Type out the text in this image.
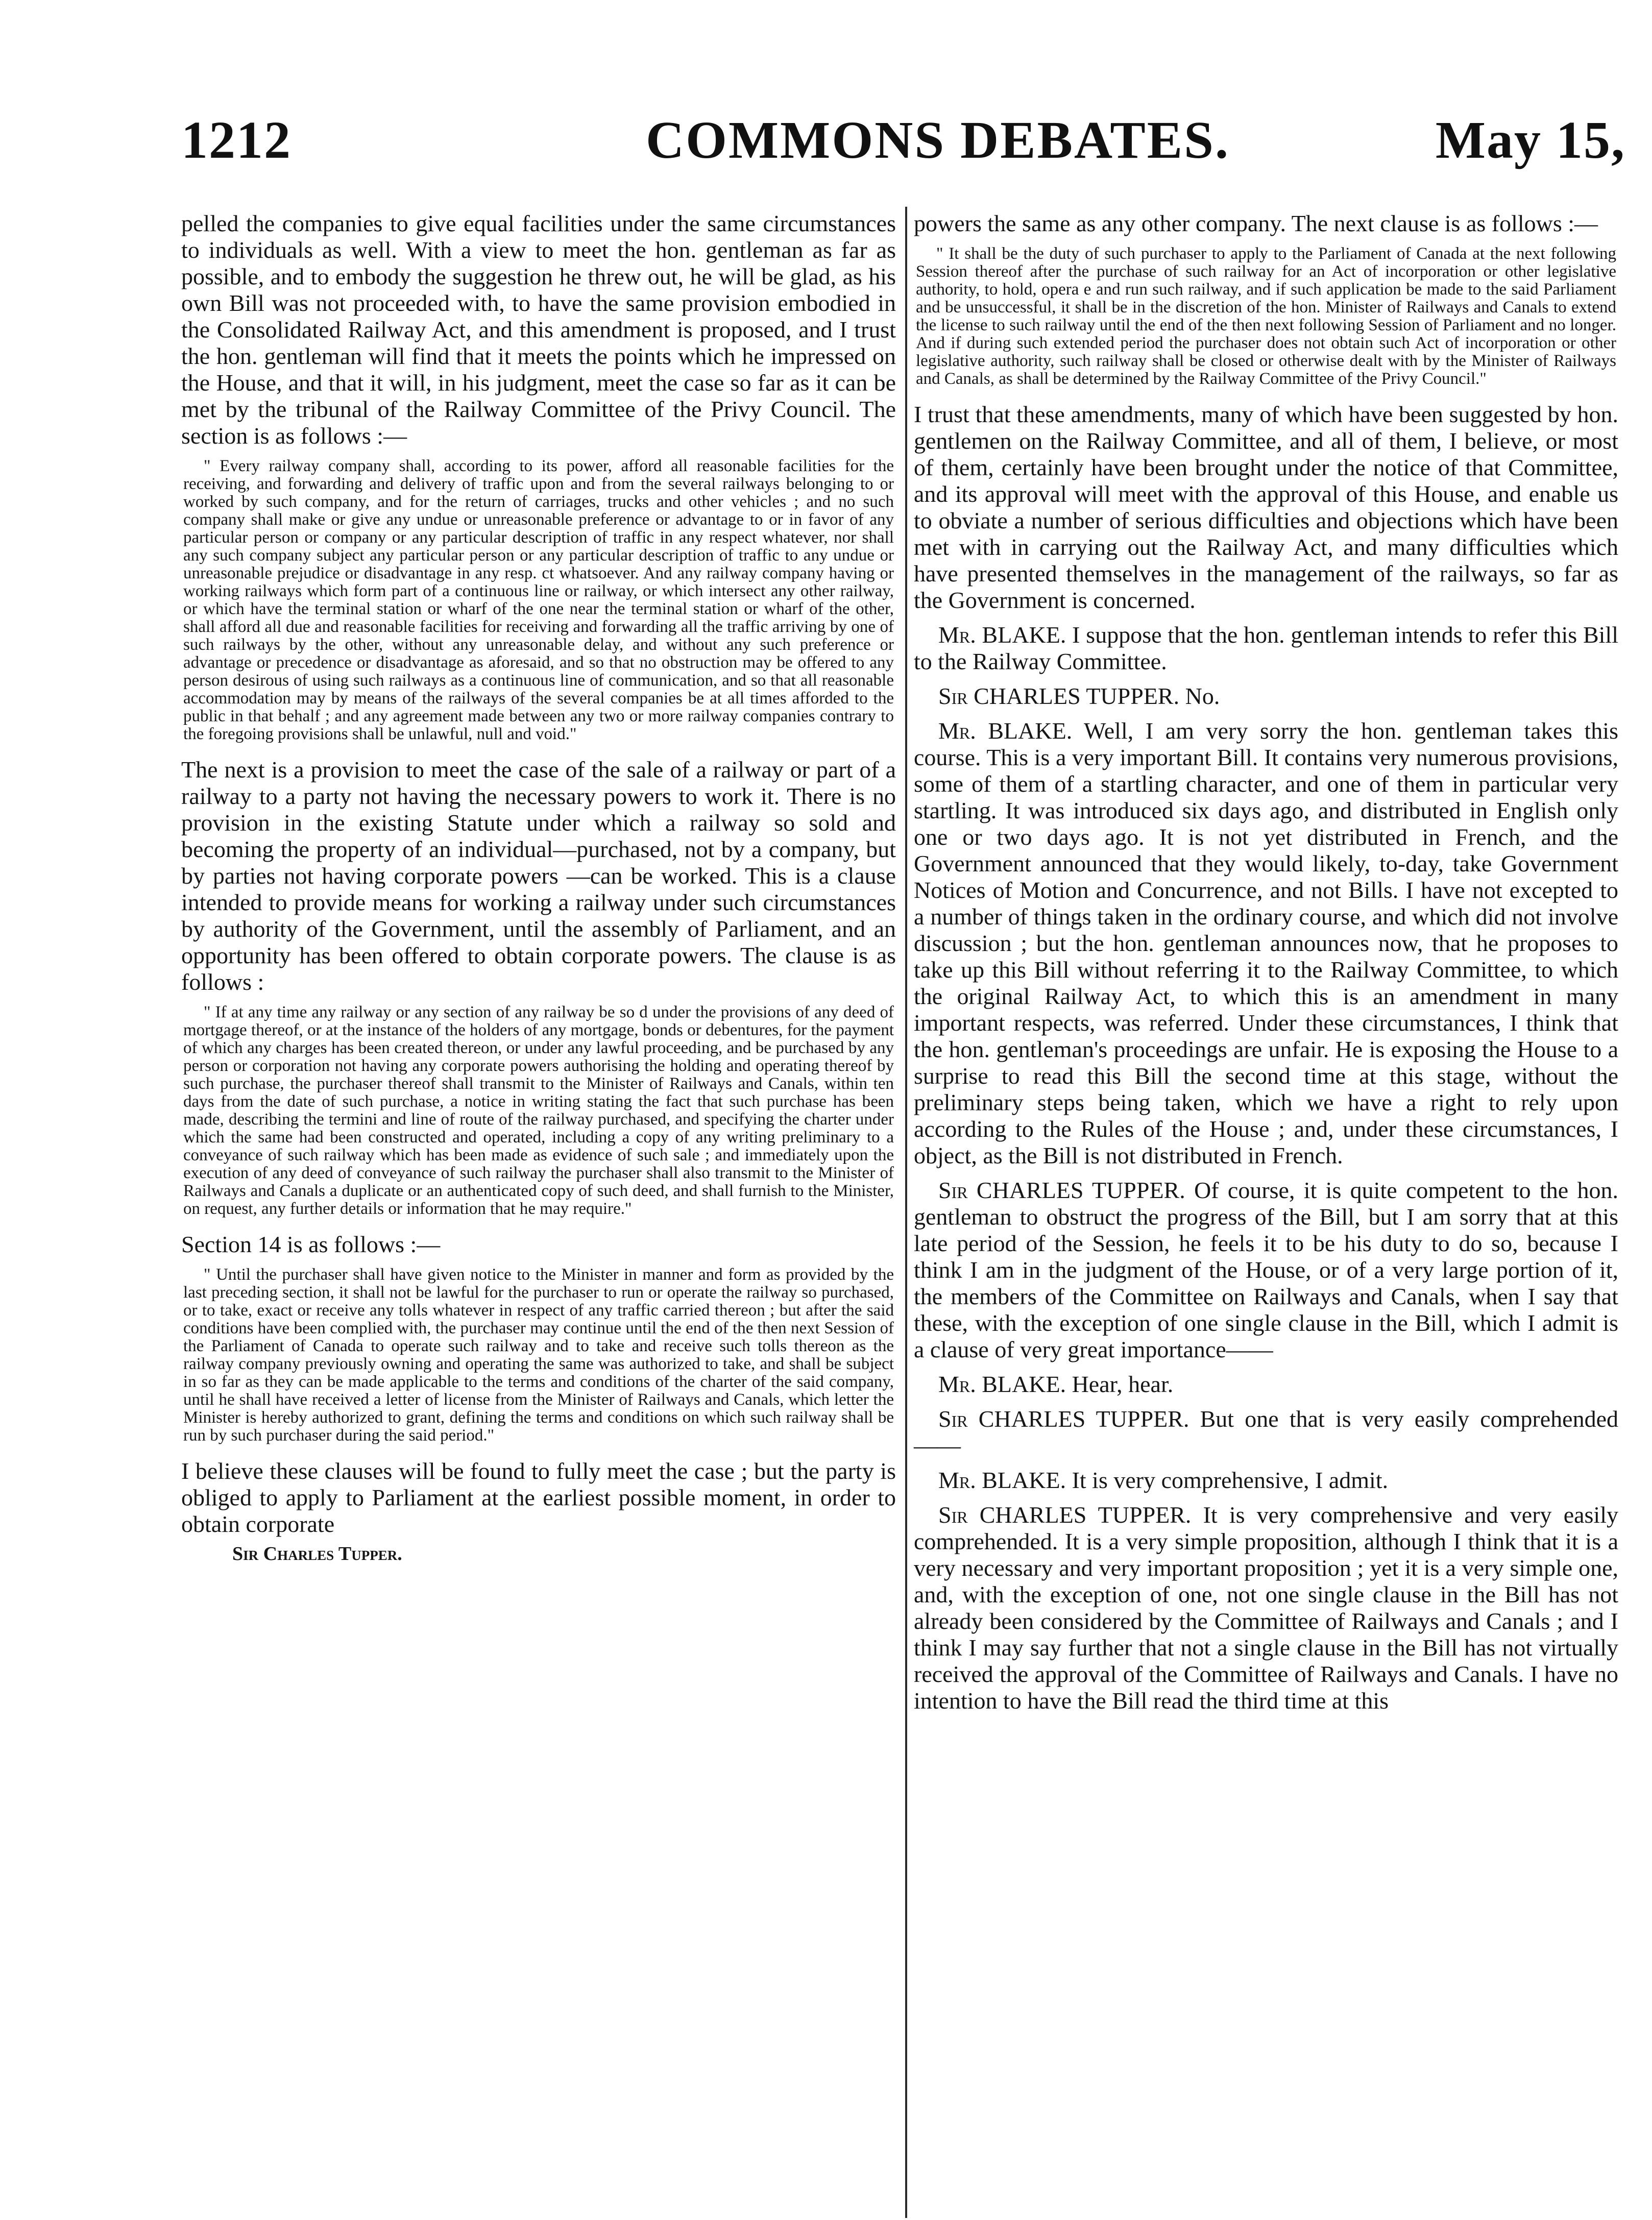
1212	COMMONS DEBATES.	May 15,

pelled the companies to give equal facilities under the same circumstances to individuals as well. With a view to meet the hon. gentleman as far as possible, and to embody the suggestion he threw out, he will be glad, as his own Bill was not proceeded with, to have the same provision embodied in the Consolidated Railway Act, and this amendment is proposed, and I trust the hon. gentleman will find that it meets the points which he impressed on the House, and that it will, in his judgment, meet the case so far as it can be met by the tribunal of the Railway Committee of the Privy Council. The section is as follows :—

" Every railway company shall, according to its power, afford all reasonable facilities for the receiving, and forwarding and delivery of traffic upon and from the several railways belonging to or worked by such company, and for the return of carriages, trucks and other vehicles ; and no such company shall make or give any undue or unreasonable preference or advantage to or in favor of any particular person or company or any particular description of traffic in any respect whatever, nor shall any such company subject any particular person or any particular description of traffic to any undue or unreasonable prejudice or disadvantage in any resp. ct whatsoever. And any railway company having or working railways which form part of a continuous line or railway, or which intersect any other railway, or which have the terminal station or wharf of the one near the terminal station or wharf of the other, shall afford all due and reasonable facilities for receiving and forwarding all the traffic arriving by one of such railways by the other, without any unreasonable delay, and without any such preference or advantage or precedence or disadvantage as aforesaid, and so that no obstruction may be offered to any person desirous of using such railways as a continuous line of communication, and so that all reasonable accommodation may by means of the railways of the several companies be at all times afforded to the public in that behalf ; and any agreement made between any two or more railway companies contrary to the foregoing provisions shall be unlawful, null and void."

The next is a provision to meet the case of the sale of a railway or part of a railway to a party not having the necessary powers to work it. There is no provision in the existing Statute under which a railway so sold and becoming the property of an individual—purchased, not by a company, but by parties not having corporate powers —can be worked. This is a clause intended to provide means for working a railway under such circumstances by authority of the Government, until the assembly of Parliament, and an opportunity has been offered to obtain corporate powers. The clause is as follows :

" If at any time any railway or any section of any railway be so d under the provisions of any deed of mortgage thereof, or at the instance of the holders of any mortgage, bonds or debentures, for the payment of which any charges has been created thereon, or under any lawful proceeding, and be purchased by any person or corporation not having any corporate powers authorising the holding and operating thereof by such purchase, the purchaser thereof shall transmit to the Minister of Railways and Canals, within ten days from the date of such purchase, a notice in writing stating the fact that such purchase has been made, describing the termini and line of route of the railway purchased, and specifying the charter under which the same had been constructed and operated, including a copy of any writing preliminary to a conveyance of such railway which has been made as evidence of such sale ; and immediately upon the execution of any deed of conveyance of such railway the purchaser shall also transmit to the Minister of Railways and Canals a duplicate or an authenticated copy of such deed, and shall furnish to the Minister, on request, any further details or information that he may require."

Section 14 is as follows :—

" Until the purchaser shall have given notice to the Minister in manner and form as provided by the last preceding section, it shall not be lawful for the purchaser to run or operate the railway so purchased, or to take, exact or receive any tolls whatever in respect of any traffic carried thereon ; but after the said conditions have been complied with, the purchaser may continue until the end of the then next Session of the Parliament of Canada to operate such railway and to take and receive such tolls thereon as the railway company previously owning and operating the same was authorized to take, and shall be subject in so far as they can be made applicable to the terms and conditions of the charter of the said company, until he shall have received a letter of license from the Minister of Railways and Canals, which letter the Minister is hereby authorized to grant, defining the terms and conditions on which such railway shall be run by such purchaser during the said period."

I believe these clauses will be found to fully meet the case ; but the party is obliged to apply to Parliament at the earliest possible moment, in order to obtain corporate

Sir Charles Tupper.

powers the same as any other company. The next clause is as follows :—

" It shall be the duty of such purchaser to apply to the Parliament of Canada at the next following Session thereof after the purchase of such railway for an Act of incorporation or other legislative authority, to hold, opera e and run such railway, and if such application be made to the said Parliament and be unsuccessful, it shall be in the discretion of the hon. Minister of Railways and Canals to extend the license to such railway until the end of the then next following Session of Parliament and no longer. And if during such extended period the purchaser does not obtain such Act of incorporation or other legislative authority, such railway shall be closed or otherwise dealt with by the Minister of Railways and Canals, as shall be determined by the Railway Committee of the Privy Council."

I trust that these amendments, many of which have been suggested by hon. gentlemen on the Railway Committee, and all of them, I believe, or most of them, certainly have been brought under the notice of that Committee, and its approval will meet with the approval of this House, and enable us to obviate a number of serious difficulties and objections which have been met with in carrying out the Railway Act, and many difficulties which have presented themselves in the management of the railways, so far as the Government is concerned.

Mr. BLAKE. I suppose that the hon. gentleman intends to refer this Bill to the Railway Committee.

Sir CHARLES TUPPER. No.

Mr. BLAKE. Well, I am very sorry the hon. gentleman takes this course. This is a very important Bill. It contains very numerous provisions, some of them of a startling character, and one of them in particular very startling. It was introduced six days ago, and distributed in English only one or two days ago. It is not yet distributed in French, and the Government announced that they would likely, to-day, take Government Notices of Motion and Concurrence, and not Bills. I have not excepted to a number of things taken in the ordinary course, and which did not involve discussion ; but the hon. gentleman announces now, that he proposes to take up this Bill without referring it to the Railway Committee, to which the original Railway Act, to which this is an amendment in many important respects, was referred. Under these circumstances, I think that the hon. gentleman's proceedings are unfair. He is exposing the House to a surprise to read this Bill the second time at this stage, without the preliminary steps being taken, which we have a right to rely upon according to the Rules of the House ; and, under these circumstances, I object, as the Bill is not distributed in French.

Sir CHARLES TUPPER. Of course, it is quite competent to the hon. gentleman to obstruct the progress of the Bill, but I am sorry that at this late period of the Session, he feels it to be his duty to do so, because I think I am in the judgment of the House, or of a very large portion of it, the members of the Committee on Railways and Canals, when I say that these, with the exception of one single clause in the Bill, which I admit is a clause of very great importance——

Mr. BLAKE. Hear, hear.

Sir CHARLES TUPPER. But one that is very easily comprehended——

Mr. BLAKE. It is very comprehensive, I admit.

Sir CHARLES TUPPER. It is very comprehensive and very easily comprehended. It is a very simple proposition, although I think that it is a very necessary and very important proposition ; yet it is a very simple one, and, with the exception of one, not one single clause in the Bill has not already been considered by the Committee of Railways and Canals ; and I think I may say further that not a single clause in the Bill has not virtually received the approval of the Committee of Railways and Canals. I have no intention to have the Bill read the third time at this
